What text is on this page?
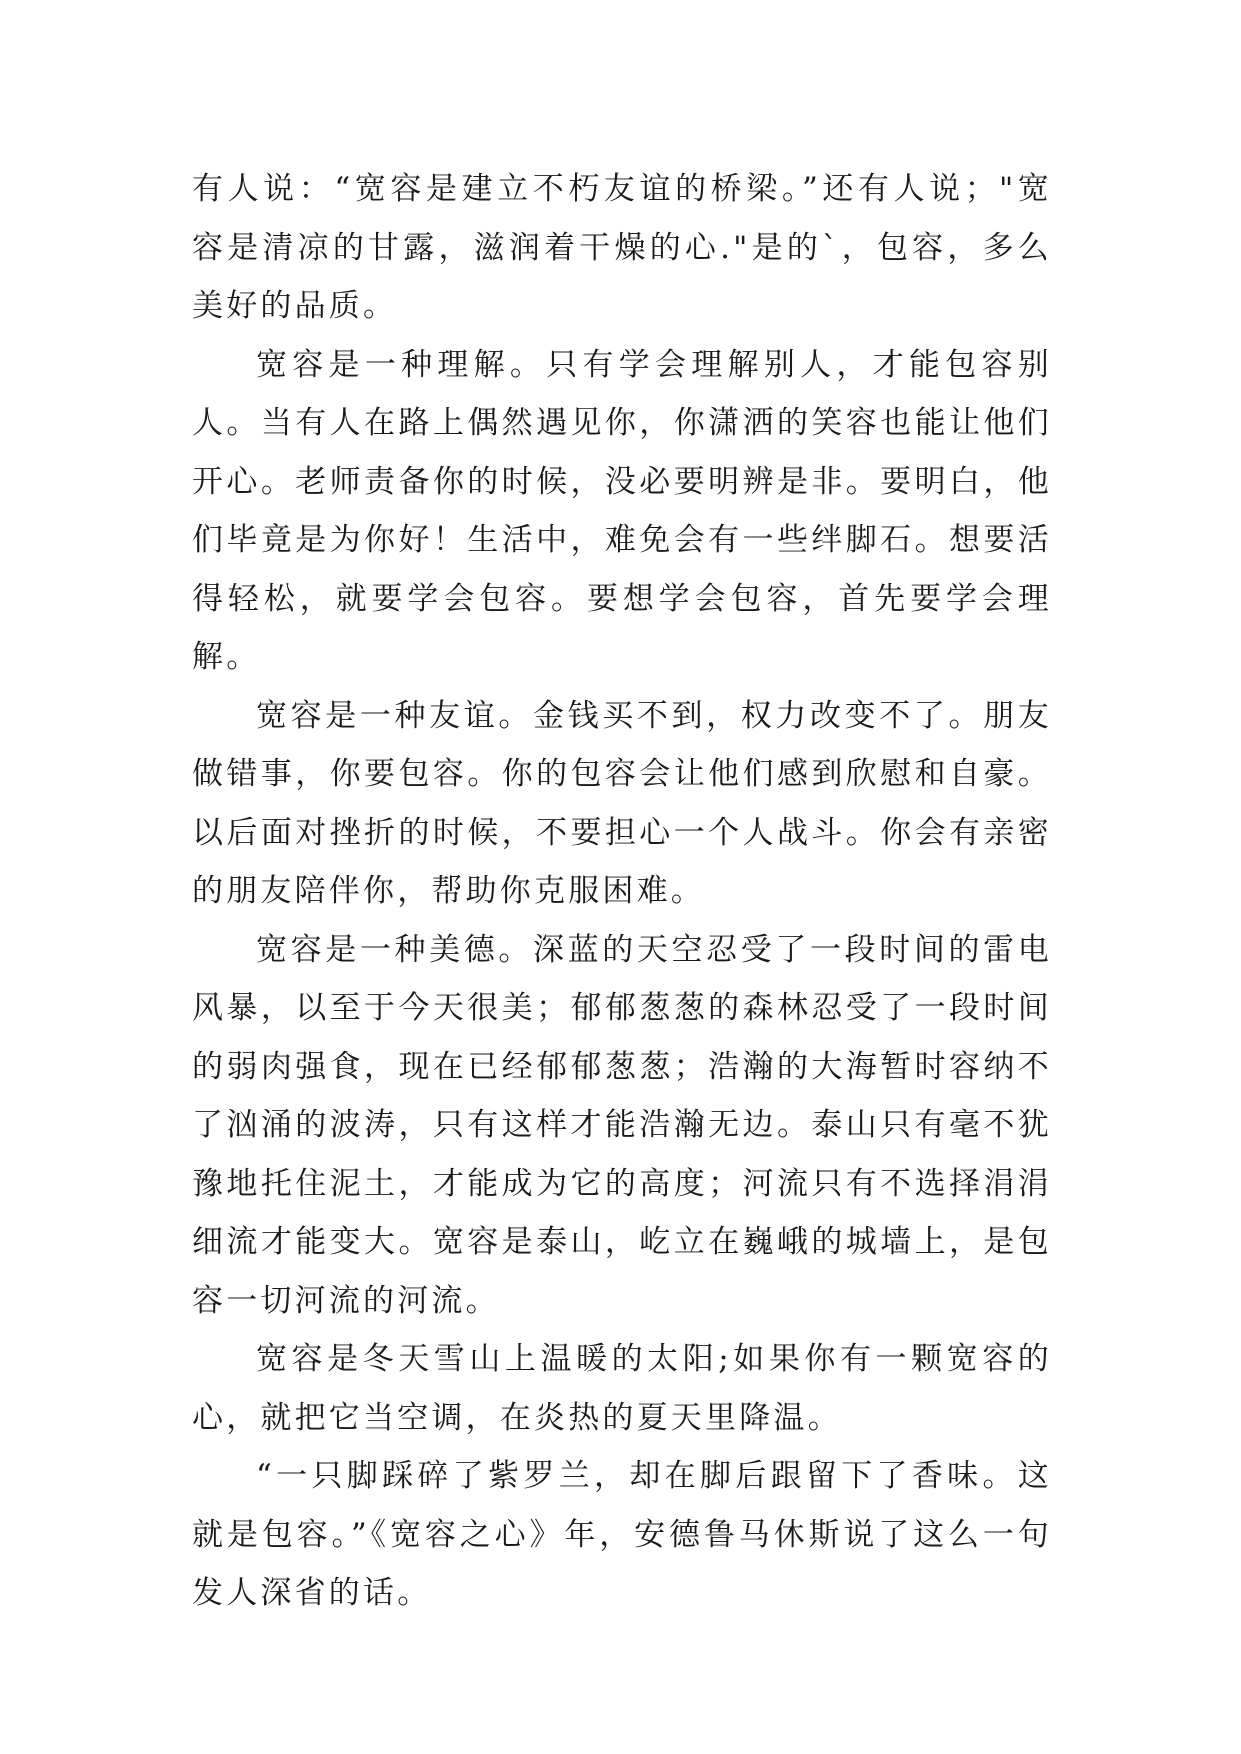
有人说：“宽容是建立不朽友谊的桥梁。”还有人说；"宽容是清凉的甘露，滋润着干燥的心."是的`，包容，多么美好的品质。

宽容是一种理解。只有学会理解别人，才能包容别人。当有人在路上偶然遇见你，你潇洒的笑容也能让他们开心。老师责备你的时候，没必要明辨是非。要明白，他们毕竟是为你好！生活中，难免会有一些绊脚石。想要活得轻松，就要学会包容。要想学会包容，首先要学会理解。

宽容是一种友谊。金钱买不到，权力改变不了。朋友做错事，你要包容。你的包容会让他们感到欣慰和自豪。以后面对挫折的时候，不要担心一个人战斗。你会有亲密的朋友陪伴你，帮助你克服困难。

宽容是一种美德。深蓝的天空忍受了一段时间的雷电风暴，以至于今天很美；郁郁葱葱的森林忍受了一段时间的弱肉强食，现在已经郁郁葱葱；浩瀚的大海暂时容纳不了汹涌的波涛，只有这样才能浩瀚无边。泰山只有毫不犹豫地托住泥土，才能成为它的高度；河流只有不选择涓涓细流才能变大。宽容是泰山，屹立在巍峨的城墙上，是包容一切河流的河流。

宽容是冬天雪山上温暖的太阳;如果你有一颗宽容的心，就把它当空调，在炎热的夏天里降温。

“一只脚踩碎了紫罗兰，却在脚后跟留下了香味。这就是包容。”《宽容之心》年，安德鲁马休斯说了这么一句发人深省的话。
